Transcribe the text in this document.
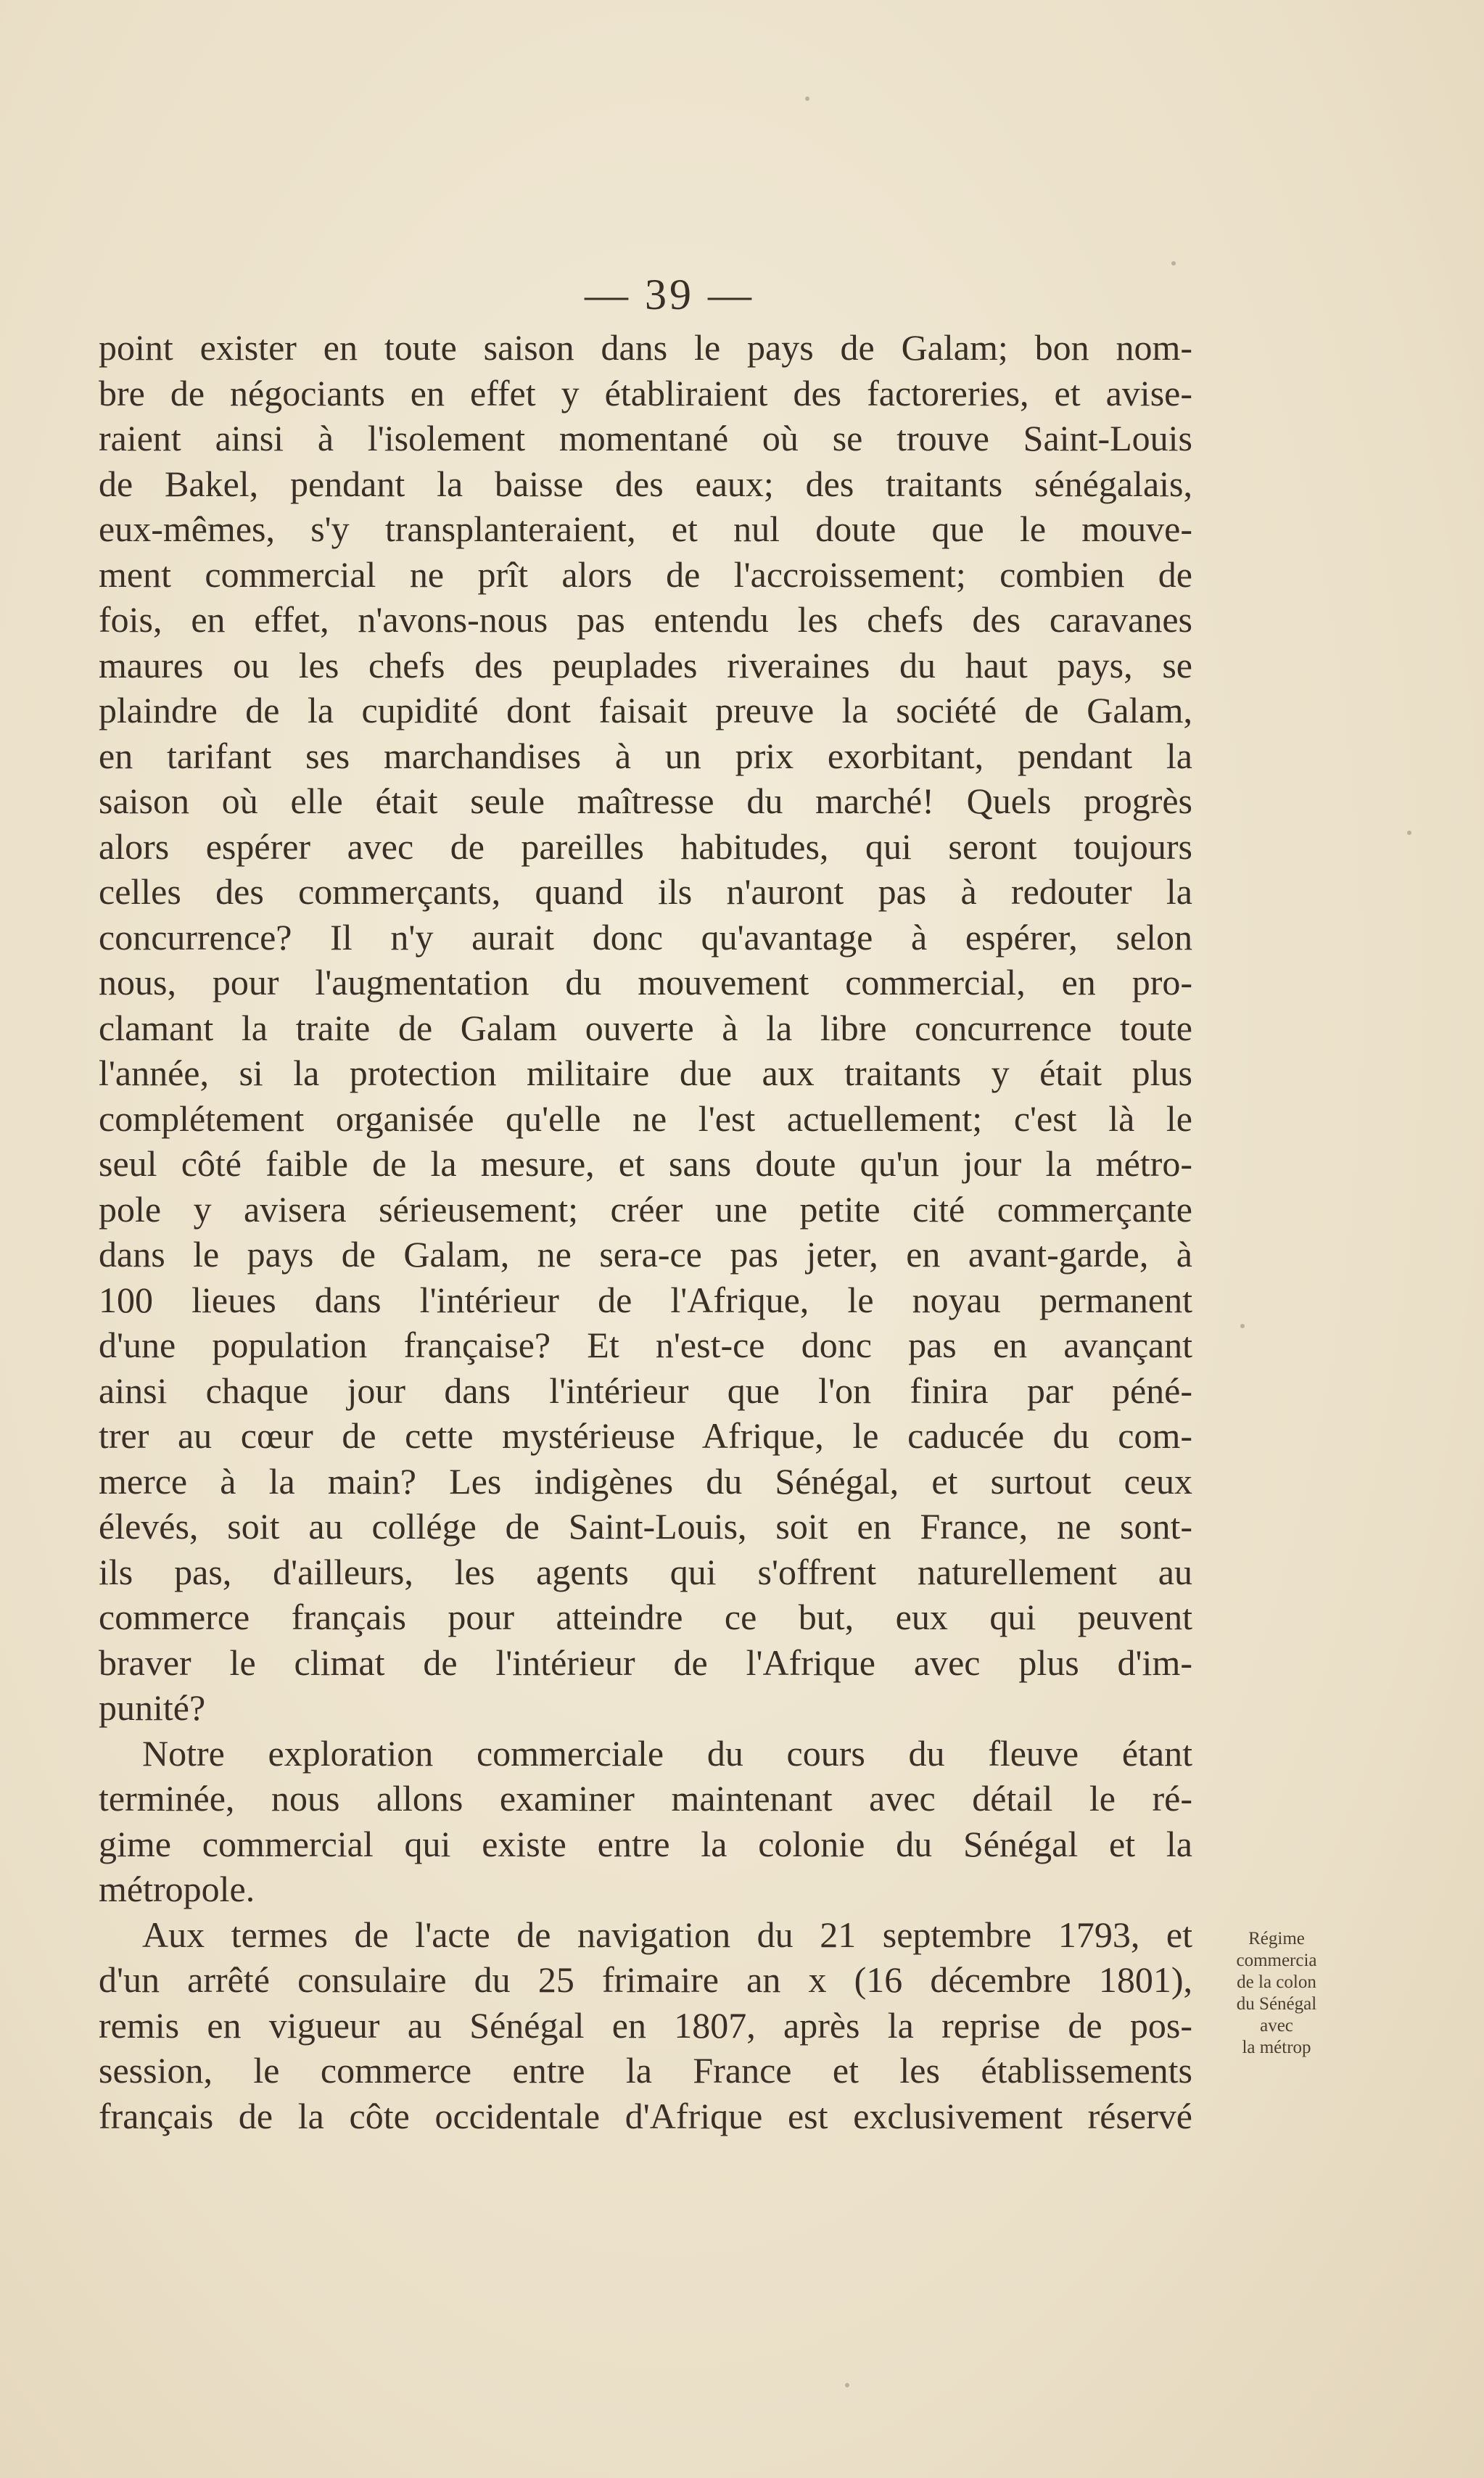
— 39 —
point exister en toute saison dans le pays de Galam; bon nom-
bre de négociants en effet y établiraient des factoreries, et avise-
raient ainsi à l'isolement momentané où se trouve Saint-Louis
de Bakel, pendant la baisse des eaux; des traitants sénégalais,
eux-mêmes, s'y transplanteraient, et nul doute que le mouve-
ment commercial ne prît alors de l'accroissement; combien de
fois, en effet, n'avons-nous pas entendu les chefs des caravanes
maures ou les chefs des peuplades riveraines du haut pays, se
plaindre de la cupidité dont faisait preuve la société de Galam,
en tarifant ses marchandises à un prix exorbitant, pendant la
saison où elle était seule maîtresse du marché! Quels progrès
alors espérer avec de pareilles habitudes, qui seront toujours
celles des commerçants, quand ils n'auront pas à redouter la
concurrence? Il n'y aurait donc qu'avantage à espérer, selon
nous, pour l'augmentation du mouvement commercial, en pro-
clamant la traite de Galam ouverte à la libre concurrence toute
l'année, si la protection militaire due aux traitants y était plus
complétement organisée qu'elle ne l'est actuellement; c'est là le
seul côté faible de la mesure, et sans doute qu'un jour la métro-
pole y avisera sérieusement; créer une petite cité commerçante
dans le pays de Galam, ne sera-ce pas jeter, en avant-garde, à
100 lieues dans l'intérieur de l'Afrique, le noyau permanent
d'une population française? Et n'est-ce donc pas en avançant
ainsi chaque jour dans l'intérieur que l'on finira par péné-
trer au cœur de cette mystérieuse Afrique, le caducée du com-
merce à la main? Les indigènes du Sénégal, et surtout ceux
élevés, soit au collége de Saint-Louis, soit en France, ne sont-
ils pas, d'ailleurs, les agents qui s'offrent naturellement au
commerce français pour atteindre ce but, eux qui peuvent
braver le climat de l'intérieur de l'Afrique avec plus d'im-
punité?
Notre exploration commerciale du cours du fleuve étant
terminée, nous allons examiner maintenant avec détail le ré-
gime commercial qui existe entre la colonie du Sénégal et la
métropole.
Aux termes de l'acte de navigation du 21 septembre 1793, et
d'un arrêté consulaire du 25 frimaire an x (16 décembre 1801),
remis en vigueur au Sénégal en 1807, après la reprise de pos-
session, le commerce entre la France et les établissements
français de la côte occidentale d'Afrique est exclusivement réservé
Régime
commercia
de la colon
du Sénégal
avec
la métrop
